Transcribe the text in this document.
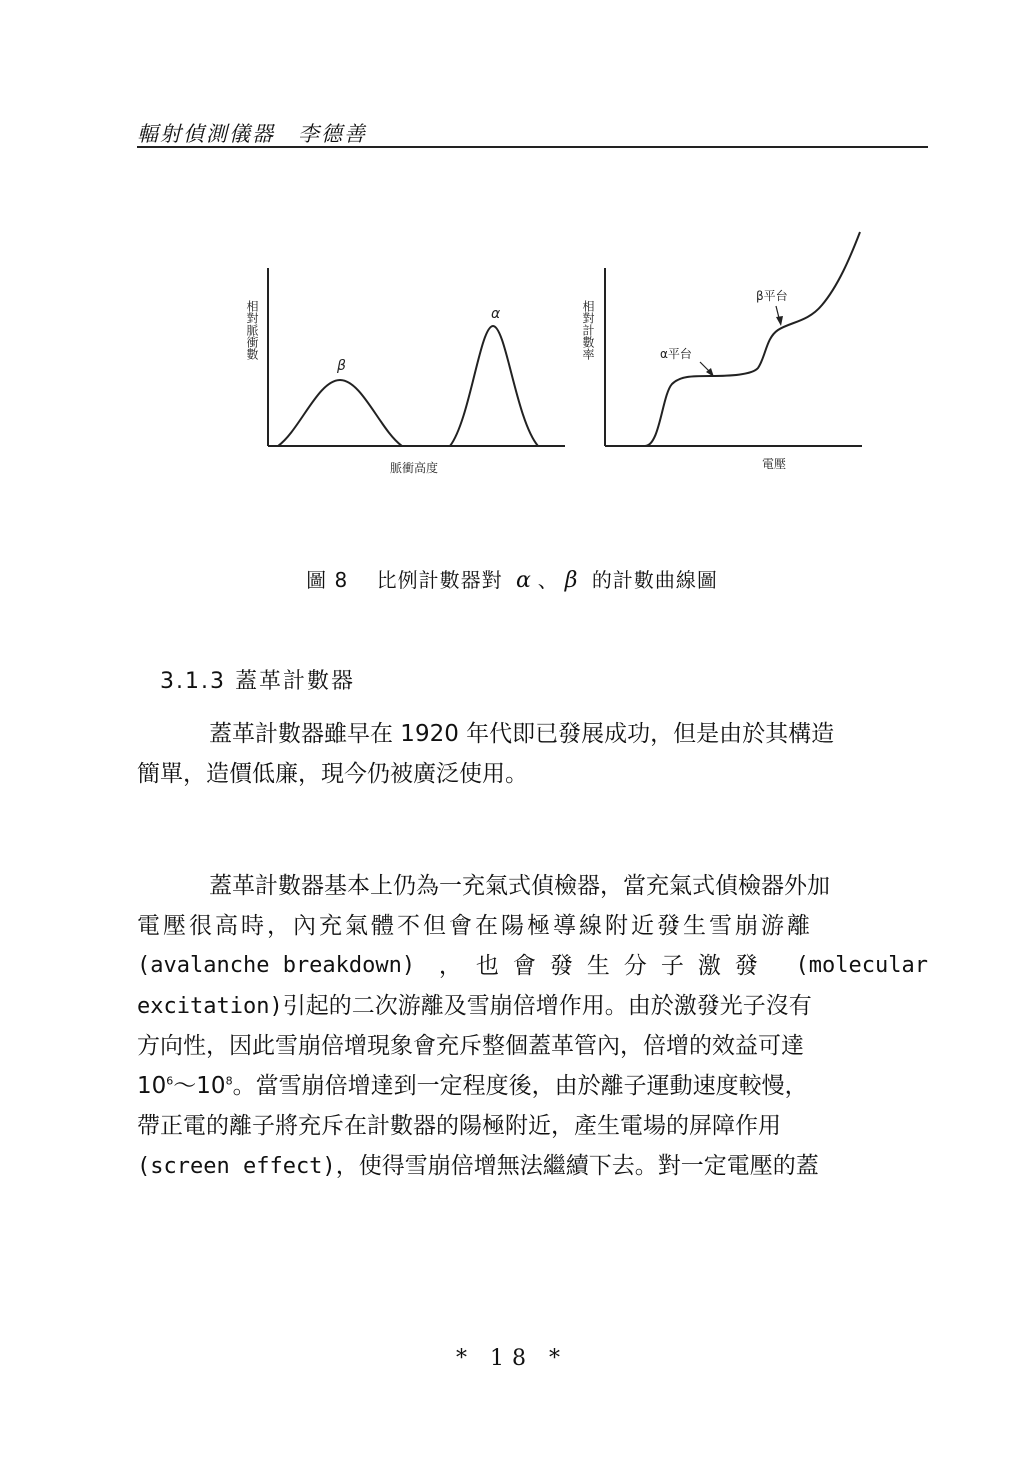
輻射偵測儀器　李德善
相對脈衝數
β
α
脈衝高度
相對計數率	α平台
β平台
電壓
圖 8　 比例計數器對 α 、 β 的計數曲線圖
3.1.3 蓋革計數器
蓋革計數器雖早在 1920 年代即已發展成功，但是由於其構造
簡單，造價低廉，現今仍被廣泛使用。
蓋革計數器基本上仍為一充氣式偵檢器，當充氣式偵檢器外加
電壓很高時，內充氣體不但會在陽極導線附近發生雪崩游離
(avalanche breakdown) ，也會發生分子激發 (molecular
excitation)引起的二次游離及雪崩倍增作用。由於激發光子沒有
方向性，因此雪崩倍增現象會充斥整個蓋革管內，倍增的效益可達
$10^6\sim 10^8$。當雪崩倍增達到一定程度後，由於離子運動速度較慢，
帶正電的離子將充斥在計數器的陽極附近，產生電場的屏障作用
(screen effect)，使得雪崩倍增無法繼續下去。對一定電壓的蓋
* 18 *
